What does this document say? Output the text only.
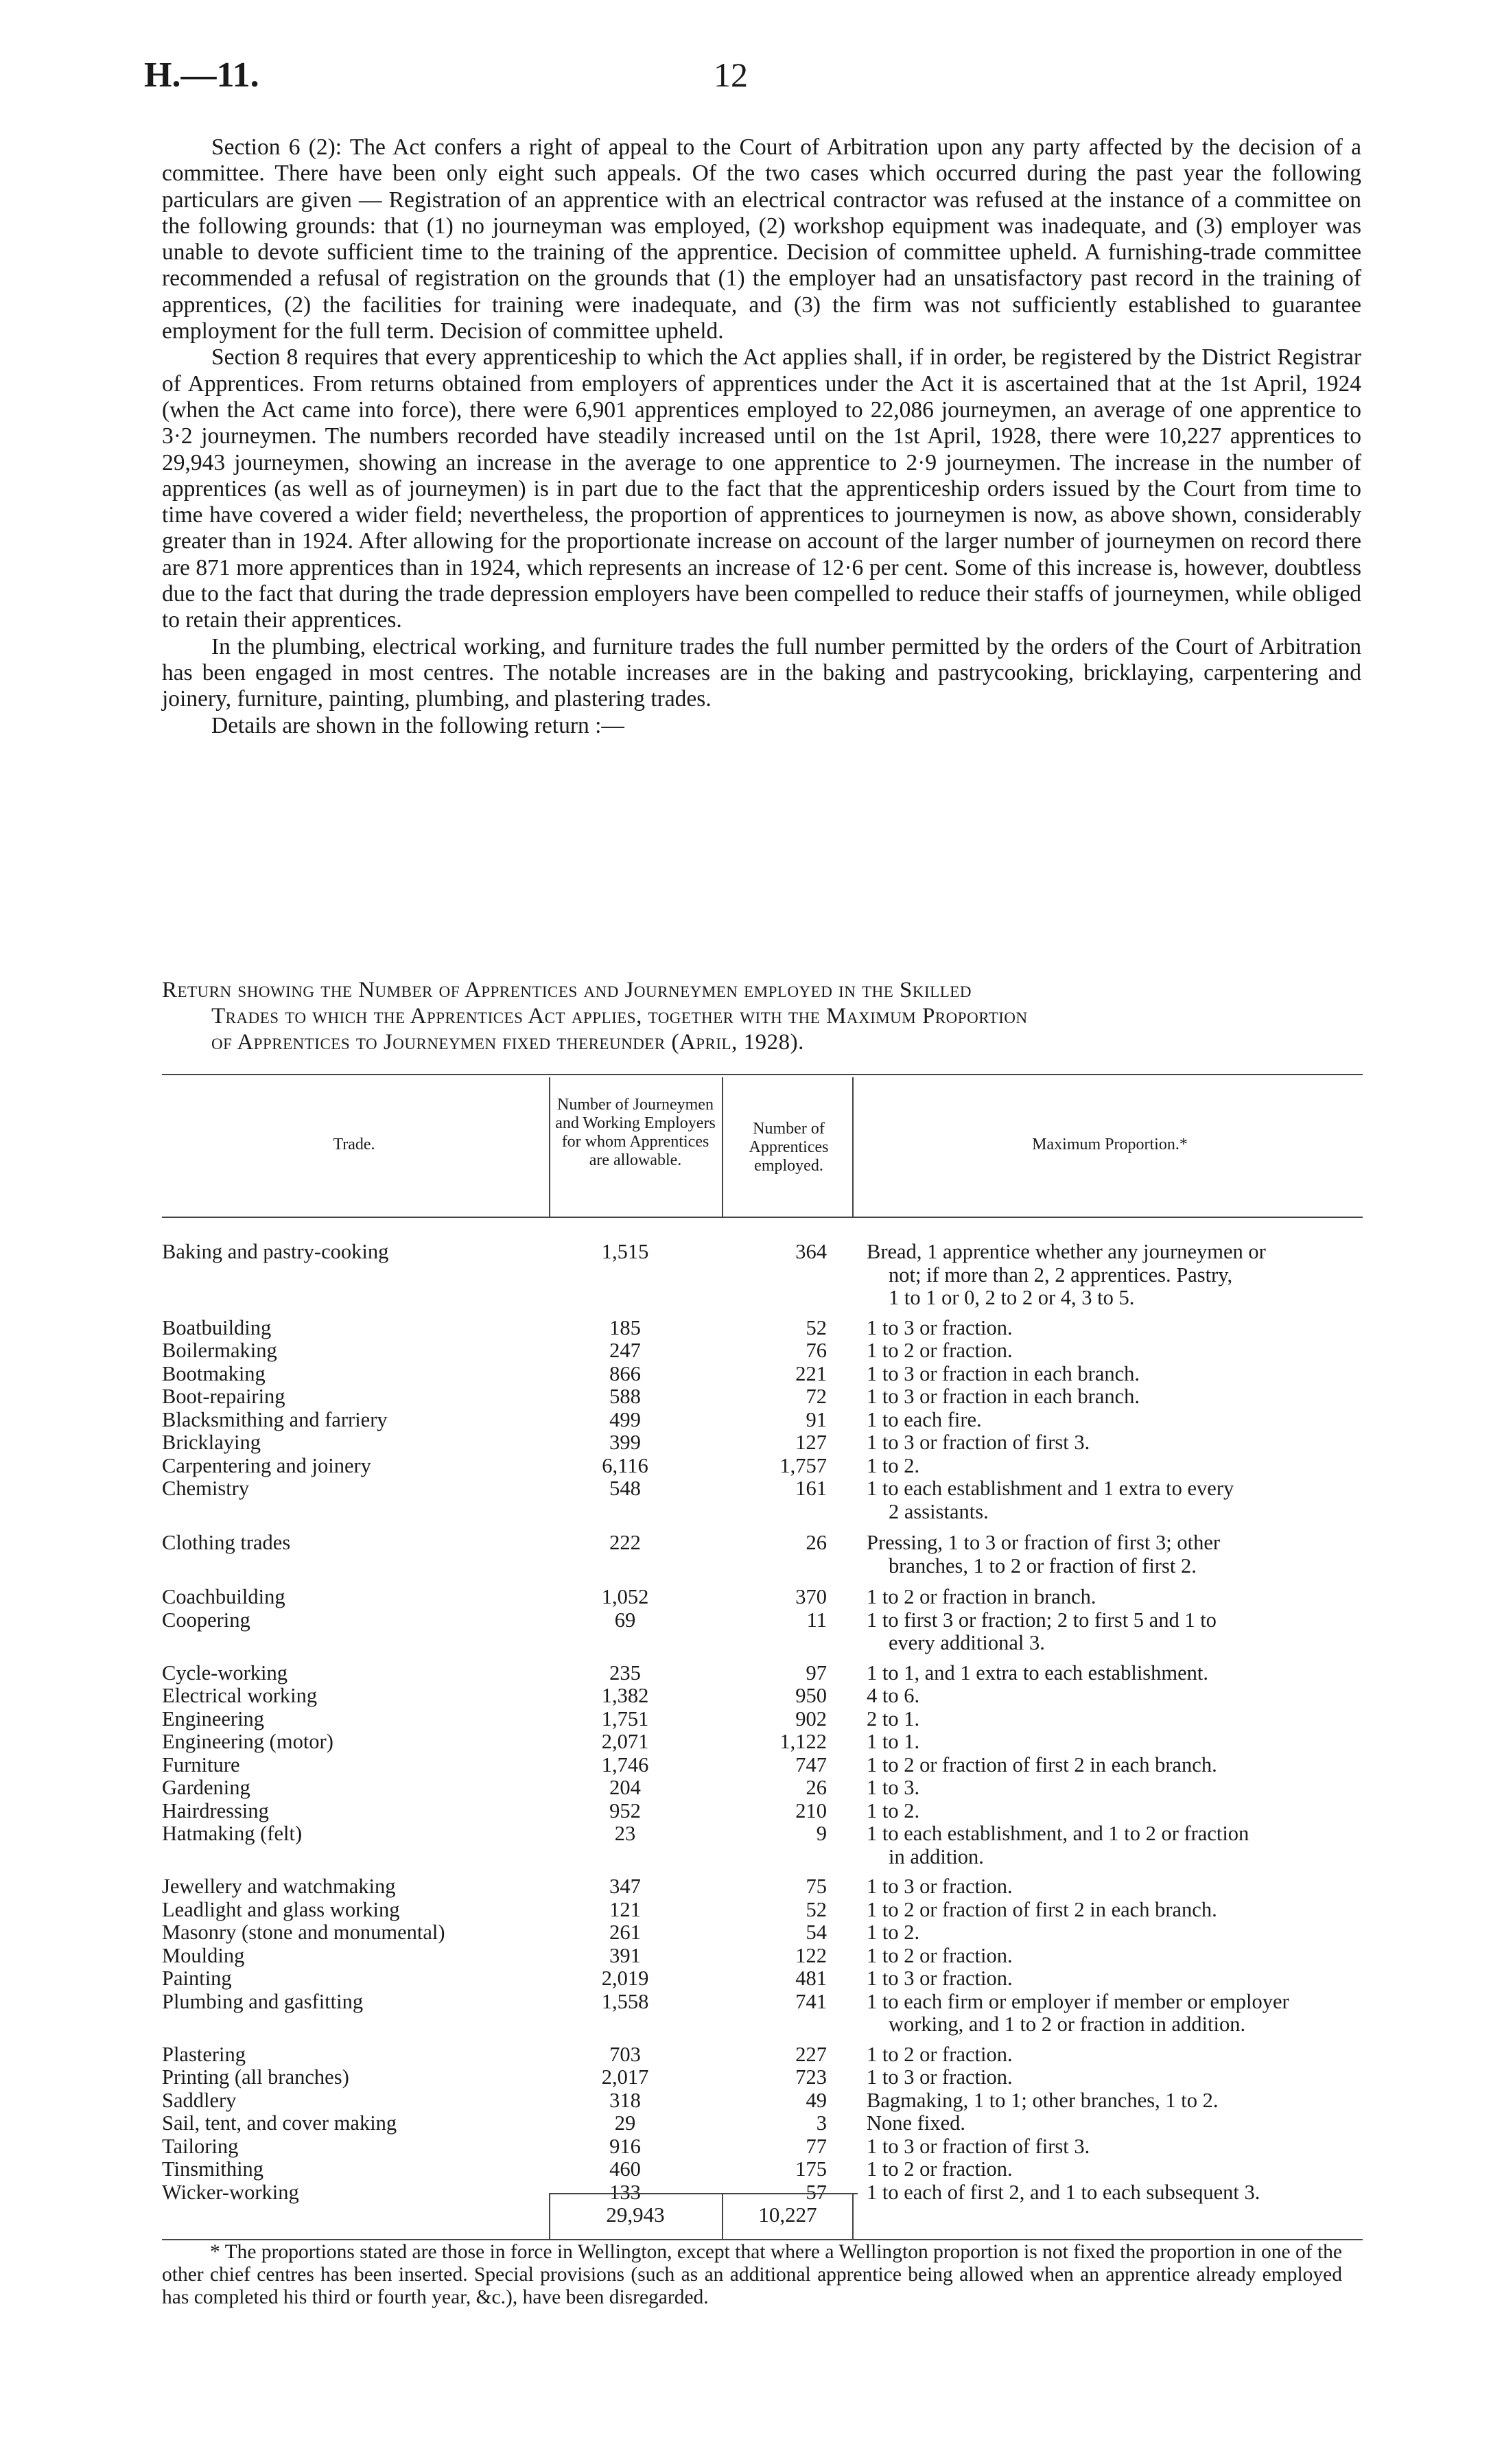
H.—11.	12

Section 6 (2): The Act confers a right of appeal to the Court of Arbitration upon any party affected by the decision of a committee. There have been only eight such appeals. Of the two cases which occurred during the past year the following particulars are given — Registration of an apprentice with an electrical contractor was refused at the instance of a committee on the following grounds: that (1) no journeyman was employed, (2) workshop equipment was inadequate, and (3) employer was unable to devote sufficient time to the training of the apprentice. Decision of committee upheld. A furnishing-trade committee recommended a refusal of registration on the grounds that (1) the employer had an unsatisfactory past record in the training of apprentices, (2) the facilities for training were inadequate, and (3) the firm was not sufficiently established to guarantee employment for the full term. Decision of committee upheld.

Section 8 requires that every apprenticeship to which the Act applies shall, if in order, be registered by the District Registrar of Apprentices. From returns obtained from employers of apprentices under the Act it is ascertained that at the 1st April, 1924 (when the Act came into force), there were 6,901 apprentices employed to 22,086 journeymen, an average of one apprentice to 3·2 journeymen. The numbers recorded have steadily increased until on the 1st April, 1928, there were 10,227 apprentices to 29,943 journeymen, showing an increase in the average to one apprentice to 2·9 journeymen. The increase in the number of apprentices (as well as of journeymen) is in part due to the fact that the apprenticeship orders issued by the Court from time to time have covered a wider field; nevertheless, the proportion of apprentices to journeymen is now, as above shown, considerably greater than in 1924. After allowing for the proportionate increase on account of the larger number of journeymen on record there are 871 more apprentices than in 1924, which represents an increase of 12·6 per cent. Some of this increase is, however, doubtless due to the fact that during the trade depression employers have been compelled to reduce their staffs of journeymen, while obliged to retain their apprentices.

In the plumbing, electrical working, and furniture trades the full number permitted by the orders of the Court of Arbitration has been engaged in most centres. The notable increases are in the baking and pastrycooking, bricklaying, carpentering and joinery, furniture, painting, plumbing, and plastering trades.

Details are shown in the following return :—

Return showing the Number of Apprentices and Journeymen employed in the Skilled
Trades to which the Apprentices Act applies, together with the Maximum Proportion
of Apprentices to Journeymen fixed thereunder (April, 1928).
Trade.
Number of Journeymen and Working Employers for whom Apprentices are allowable.
Number of Apprentices employed.
Maximum Proportion.*
Baking and pastry-cooking	1,515	364 Bread, 1 apprentice whether any journeymen or
not; if more than 2, 2 apprentices. Pastry,
1 to 1 or 0, 2 to 2 or 4, 3 to 5.
Boatbuilding	185	52 1 to 3 or fraction.
Boilermaking	247	76 1 to 2 or fraction.
Bootmaking	866	221 1 to 3 or fraction in each branch.
Boot-repairing	588	72 1 to 3 or fraction in each branch.
Blacksmithing and farriery	499	91 1 to each fire.
Bricklaying	399	127 1 to 3 or fraction of first 3.
Carpentering and joinery	6,116	1,757 1 to 2.
Chemistry	548	161 1 to each establishment and 1 extra to every
2 assistants.
Clothing trades	222	26 Pressing, 1 to 3 or fraction of first 3; other
branches, 1 to 2 or fraction of first 2.
Coachbuilding	1,052	370 1 to 2 or fraction in branch.
Coopering	69	11 1 to first 3 or fraction; 2 to first 5 and 1 to
every additional 3.
Cycle-working	235	97 1 to 1, and 1 extra to each establishment.
Electrical working	1,382	950 4 to 6.
Engineering	1,751	902 2 to 1.
Engineering (motor)	2,071	1,122 1 to 1.
Furniture	1,746	747 1 to 2 or fraction of first 2 in each branch.
Gardening	204	26 1 to 3.
Hairdressing	952	210 1 to 2.
Hatmaking (felt)	23	9 1 to each establishment, and 1 to 2 or fraction
in addition.
Jewellery and watchmaking	347	75 1 to 3 or fraction.
Leadlight and glass working	121	52 1 to 2 or fraction of first 2 in each branch.
Masonry (stone and monumental)	261	54 1 to 2.
Moulding	391	122 1 to 2 or fraction.
Painting	2,019	481 1 to 3 or fraction.
Plumbing and gasfitting	1,558	741 1 to each firm or employer if member or employer
working, and 1 to 2 or fraction in addition.
Plastering	703	227 1 to 2 or fraction.
Printing (all branches)	2,017	723 1 to 3 or fraction.
Saddlery	318	49 Bagmaking, 1 to 1; other branches, 1 to 2.
Sail, tent, and cover making	29	3 None fixed.
Tailoring	916	77 1 to 3 or fraction of first 3.
Tinsmithing	460	175 1 to 2 or fraction.
Wicker-working	133	57 1 to each of first 2, and 1 to each subsequent 3.
29,943	10,227
* The proportions stated are those in force in Wellington, except that where a Wellington proportion is not fixed the proportion in one of the other chief centres has been inserted. Special provisions (such as an additional apprentice being allowed when an apprentice already employed has completed his third or fourth year, &c.), have been disregarded.
